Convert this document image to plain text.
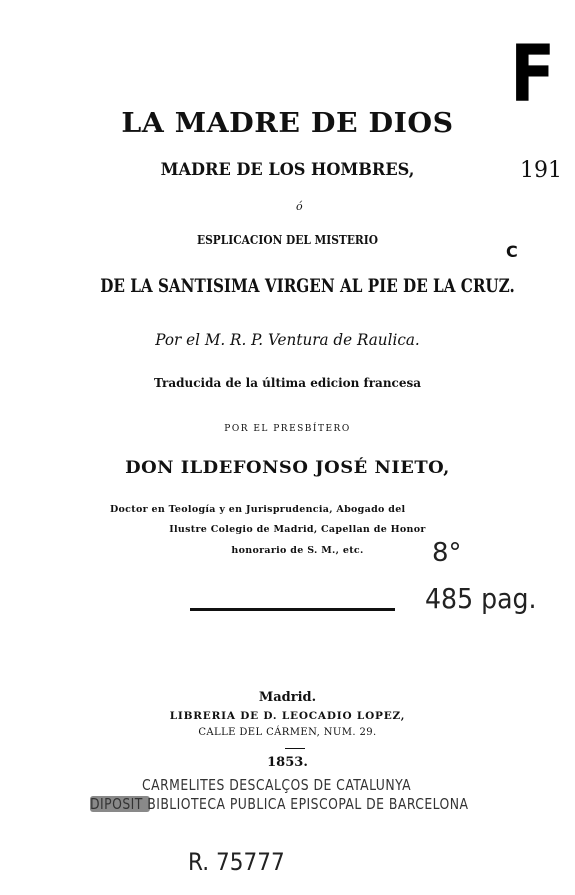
F
191
C
LA MADRE DE DIOS
MADRE DE LOS HOMBRES,
ó
ESPLICACION DEL MISTERIO
DE LA SANTISIMA VIRGEN AL PIE DE LA CRUZ.
Por el M. R. P. Ventura de Raulica.
Traducida de la última edicion francesa
POR EL PRESBÍTERO
DON ILDEFONSO JOSÉ NIETO,
Doctor en Teología y en Jurisprudencia, Abogado del
Ilustre Colegio de Madrid, Capellan de Honor
honorario de S. M., etc.	8°
485 pag.
Madrid.
LIBRERIA DE D. LEOCADIO LOPEZ,
CALLE DEL CÁRMEN, NUM. 29.
1853.
CARMELITES DESCALÇOS DE CATALUNYA
DIPOSIT BIBLIOTECA PUBLICA EPISCOPAL DE BARCELONA
R. 75777
